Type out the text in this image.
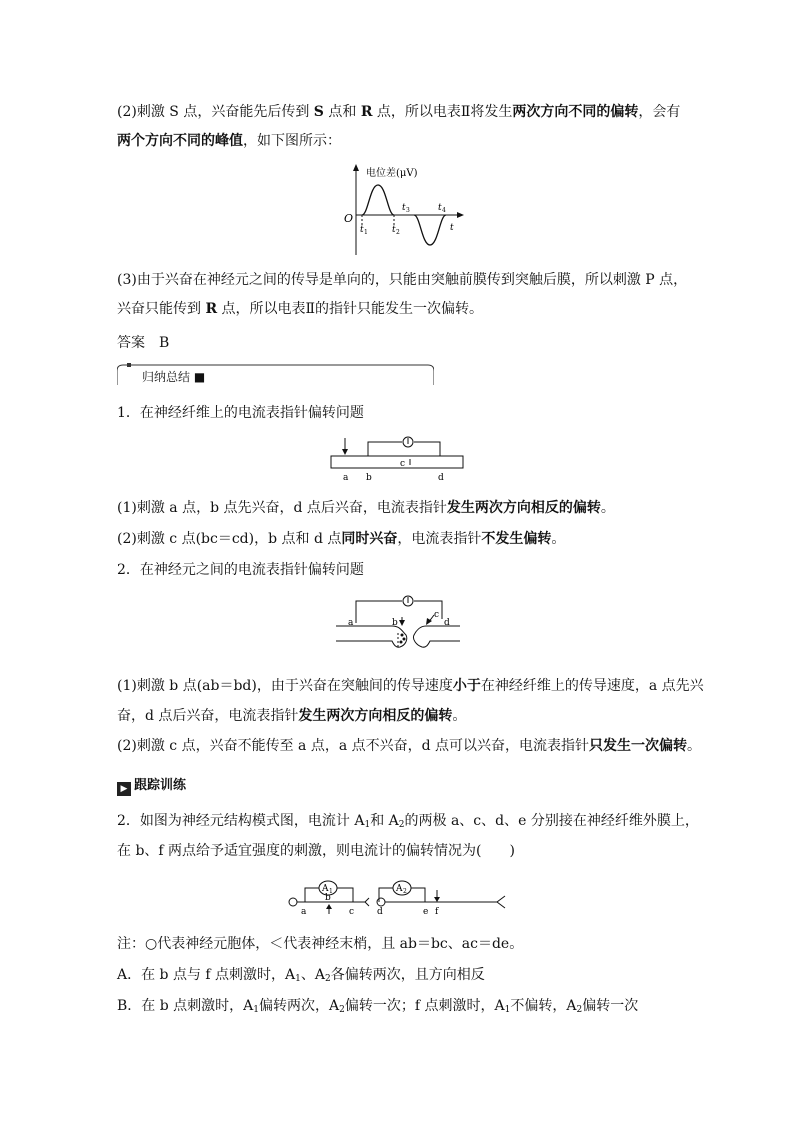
(2)刺激 S 点，兴奋能先后传到 S 点和 R 点，所以电表Ⅱ将发生两次方向不同的偏转，会有
两个方向不同的峰值，如下图所示：
电位差(μV)
O
t 1	t 2
t 3	t 4
t
(3)由于兴奋在神经元之间的传导是单向的，只能由突触前膜传到突触后膜，所以刺激 P 点，
兴奋只能传到 R 点，所以电表Ⅱ的指针只能发生一次偏转。
答案　B
归纳总结 ■
1．在神经纤维上的电流表指针偏转问题
a b
c
d
(1)刺激 a 点，b 点先兴奋，d 点后兴奋，电流表指针发生两次方向相反的偏转。
(2)刺激 c 点(bc＝cd)，b 点和 d 点同时兴奋，电流表指针不发生偏转。
2．在神经元之间的电流表指针偏转问题
a	b
c
d
(1)刺激 b 点(ab＝bd)，由于兴奋在突触间的传导速度小于在神经纤维上的传导速度，a 点先兴
奋，d 点后兴奋，电流表指针发生两次方向相反的偏转。
(2)刺激 c 点，兴奋不能传至 a 点，a 点不兴奋，d 点可以兴奋，电流表指针只发生一次偏转。
▶ 跟踪训练
2．如图为神经元结构模式图，电流计 $A_1$和 $A_2$的两极 a、c、d、e 分别接在神经纤维外膜上，
在 b、f 两点给予适宜强度的刺激，则电流计的偏转情况为(　　)
A 1	A 2
a
b
c	d	e f
注：○代表神经元胞体，＜代表神经末梢，且 ab＝bc、ac＝de。
A．在 b 点与 f 点刺激时，$A_1$、$A_2$各偏转两次，且方向相反
B．在 b 点刺激时，$A_1$偏转两次，$A_2$偏转一次；f 点刺激时，$A_1$不偏转，$A_2$偏转一次
